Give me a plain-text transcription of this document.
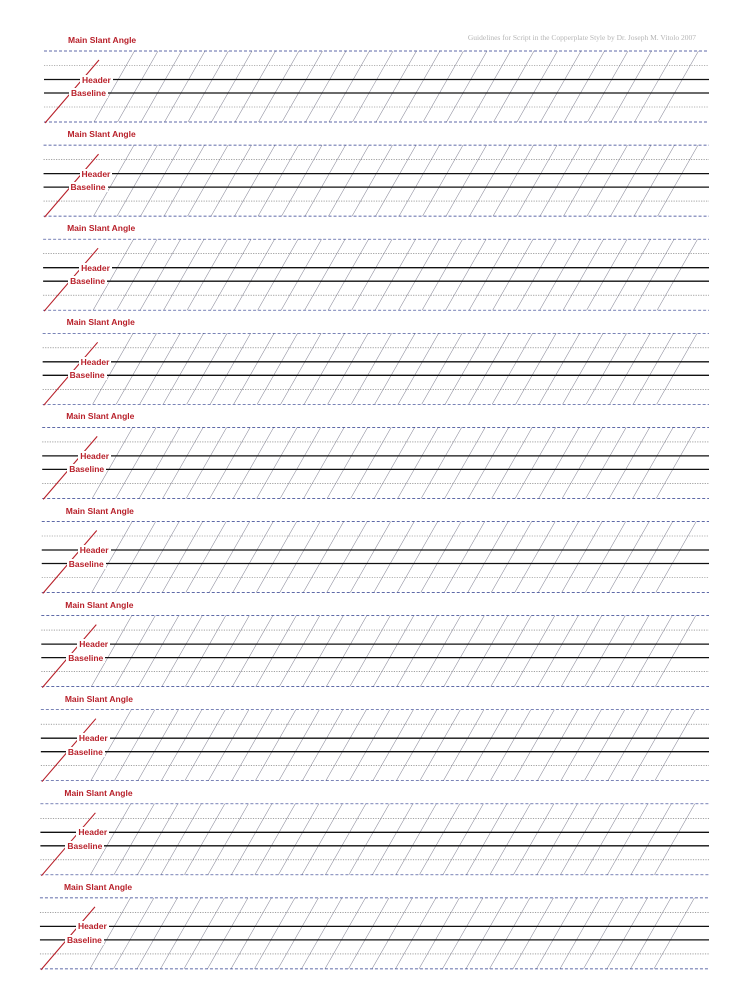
Guidelines for Script in the Copperplate Style by Dr. Joseph M. Vitolo 2007
Main Slant Angle
Header
Baseline
Main Slant Angle
Header
Baseline
Main Slant Angle
Header
Baseline
Main Slant Angle
Header
Baseline
Main Slant Angle
Header
Baseline
Main Slant Angle
Header
Baseline
Main Slant Angle
Header
Baseline
Main Slant Angle
Header
Baseline
Main Slant Angle
Header
Baseline
Main Slant Angle
Header
Baseline
